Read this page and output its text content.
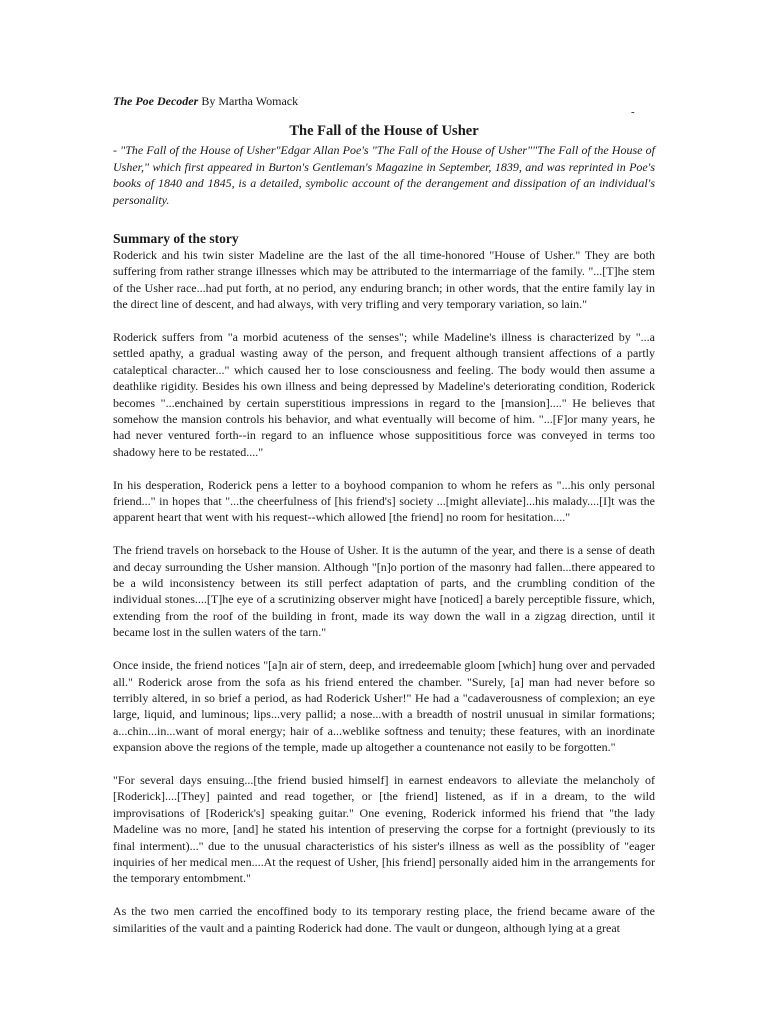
The Poe Decoder By Martha Womack
-
The Fall of the House of Usher

- "The Fall of the House of Usher"Edgar Allan Poe's "The Fall of the House of Usher""The Fall of the House of Usher," which first appeared in Burton's Gentleman's Magazine in September, 1839, and was reprinted in Poe's books of 1840 and 1845, is a detailed, symbolic account of the derangement and dissipation of an individual's personality.

Summary of the story

Roderick and his twin sister Madeline are the last of the all time-honored "House of Usher." They are both suffering from rather strange illnesses which may be attributed to the intermarriage of the family. "...[T]he stem of the Usher race...had put forth, at no period, any enduring branch; in other words, that the entire family lay in the direct line of descent, and had always, with very trifling and very temporary variation, so lain."

Roderick suffers from "a morbid acuteness of the senses"; while Madeline's illness is characterized by "...a settled apathy, a gradual wasting away of the person, and frequent although transient affections of a partly cataleptical character..." which caused her to lose consciousness and feeling. The body would then assume a deathlike rigidity. Besides his own illness and being depressed by Madeline's deteriorating condition, Roderick becomes "...enchained by certain superstitious impressions in regard to the [mansion]...." He believes that somehow the mansion controls his behavior, and what eventually will become of him. "...[F]or many years, he had never ventured forth--in regard to an influence whose supposititious force was conveyed in terms too shadowy here to be restated...."

In his desperation, Roderick pens a letter to a boyhood companion to whom he refers as "...his only personal friend..." in hopes that "...the cheerfulness of [his friend's] society ...[might alleviate]...his malady....[I]t was the apparent heart that went with his request--which allowed [the friend] no room for hesitation...."

The friend travels on horseback to the House of Usher. It is the autumn of the year, and there is a sense of death and decay surrounding the Usher mansion. Although "[n]o portion of the masonry had fallen...there appeared to be a wild inconsistency between its still perfect adaptation of parts, and the crumbling condition of the individual stones....[T]he eye of a scrutinizing observer might have [noticed] a barely perceptible fissure, which, extending from the roof of the building in front, made its way down the wall in a zigzag direction, until it became lost in the sullen waters of the tarn."

Once inside, the friend notices "[a]n air of stern, deep, and irredeemable gloom [which] hung over and pervaded all." Roderick arose from the sofa as his friend entered the chamber. "Surely, [a] man had never before so terribly altered, in so brief a period, as had Roderick Usher!" He had a "cadaverousness of complexion; an eye large, liquid, and luminous; lips...very pallid; a nose...with a breadth of nostril unusual in similar formations; a...chin...in...want of moral energy; hair of a...weblike softness and tenuity; these features, with an inordinate expansion above the regions of the temple, made up altogether a countenance not easily to be forgotten."

"For several days ensuing...[the friend busied himself] in earnest endeavors to alleviate the melancholy of [Roderick]....[They] painted and read together, or [the friend] listened, as if in a dream, to the wild improvisations of [Roderick's] speaking guitar." One evening, Roderick informed his friend that "the lady Madeline was no more, [and] he stated his intention of preserving the corpse for a fortnight (previously to its final interment)..." due to the unusual characteristics of his sister's illness as well as the possiblity of "eager inquiries of her medical men....At the request of Usher, [his friend] personally aided him in the arrangements for the temporary entombment."

As the two men carried the encoffined body to its temporary resting place, the friend became aware of the similarities of the vault and a painting Roderick had done. The vault or dungeon, although lying at a great
